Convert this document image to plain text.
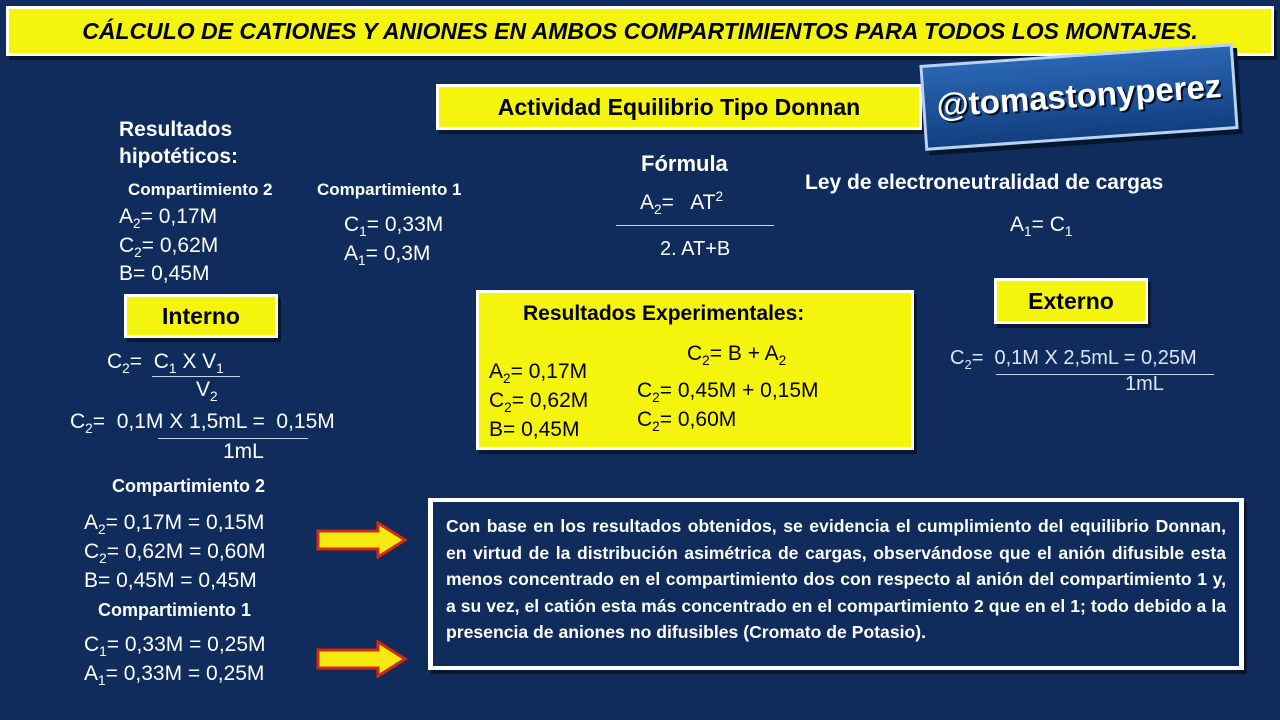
CÁLCULO DE CATIONES Y ANIONES EN AMBOS COMPARTIMIENTOS PARA TODOS LOS MONTAJES.
Actividad Equilibrio Tipo Donnan	@tomastonyperez
Resultados
hipotéticos:
Compartimiento 2
$A_2= 0,17M$
$C_2= 0,62M$
B= 0,45M
Compartimiento 1
$C_1= 0,33M$
$A_1= 0,3M$
Fórmula
$A_2= AT^2$
2. AT+B
Ley de electroneutralidad de cargas
$A_1= C_1$
Interno
$C_2= C_1$ X $V_1$
$V_2$
$C_2= 0,1M$ X 1,5mL = 0,15M
1mL
Resultados Experimentales:
$C_2= B + A_2$
$A_2= 0,17M$
$C_2= 0,45M + 0,15M$
$C_2= 0,62M$
$C_2= 0,60M$
B= 0,45M
Externo
$C_2= 0,1M$ X 2,5mL = 0,25M
1mL
Compartimiento 2
$A_2= 0,17M = 0,15M$
$C_2= 0,62M = 0,60M$
B= 0,45M = 0,45M
Compartimiento 1
$C_1= 0,33M = 0,25M$
$A_1= 0,33M = 0,25M$
Con base en los resultados obtenidos, se evidencia el cumplimiento del equilibrio Donnan, en virtud de la distribución asimétrica de cargas, observándose que el anión difusible esta menos concentrado en el compartimiento dos con respecto al anión del compartimiento 1 y, a su vez, el catión esta más concentrado en el compartimiento 2 que en el 1; todo debido a la presencia de aniones no difusibles (Cromato de Potasio).
